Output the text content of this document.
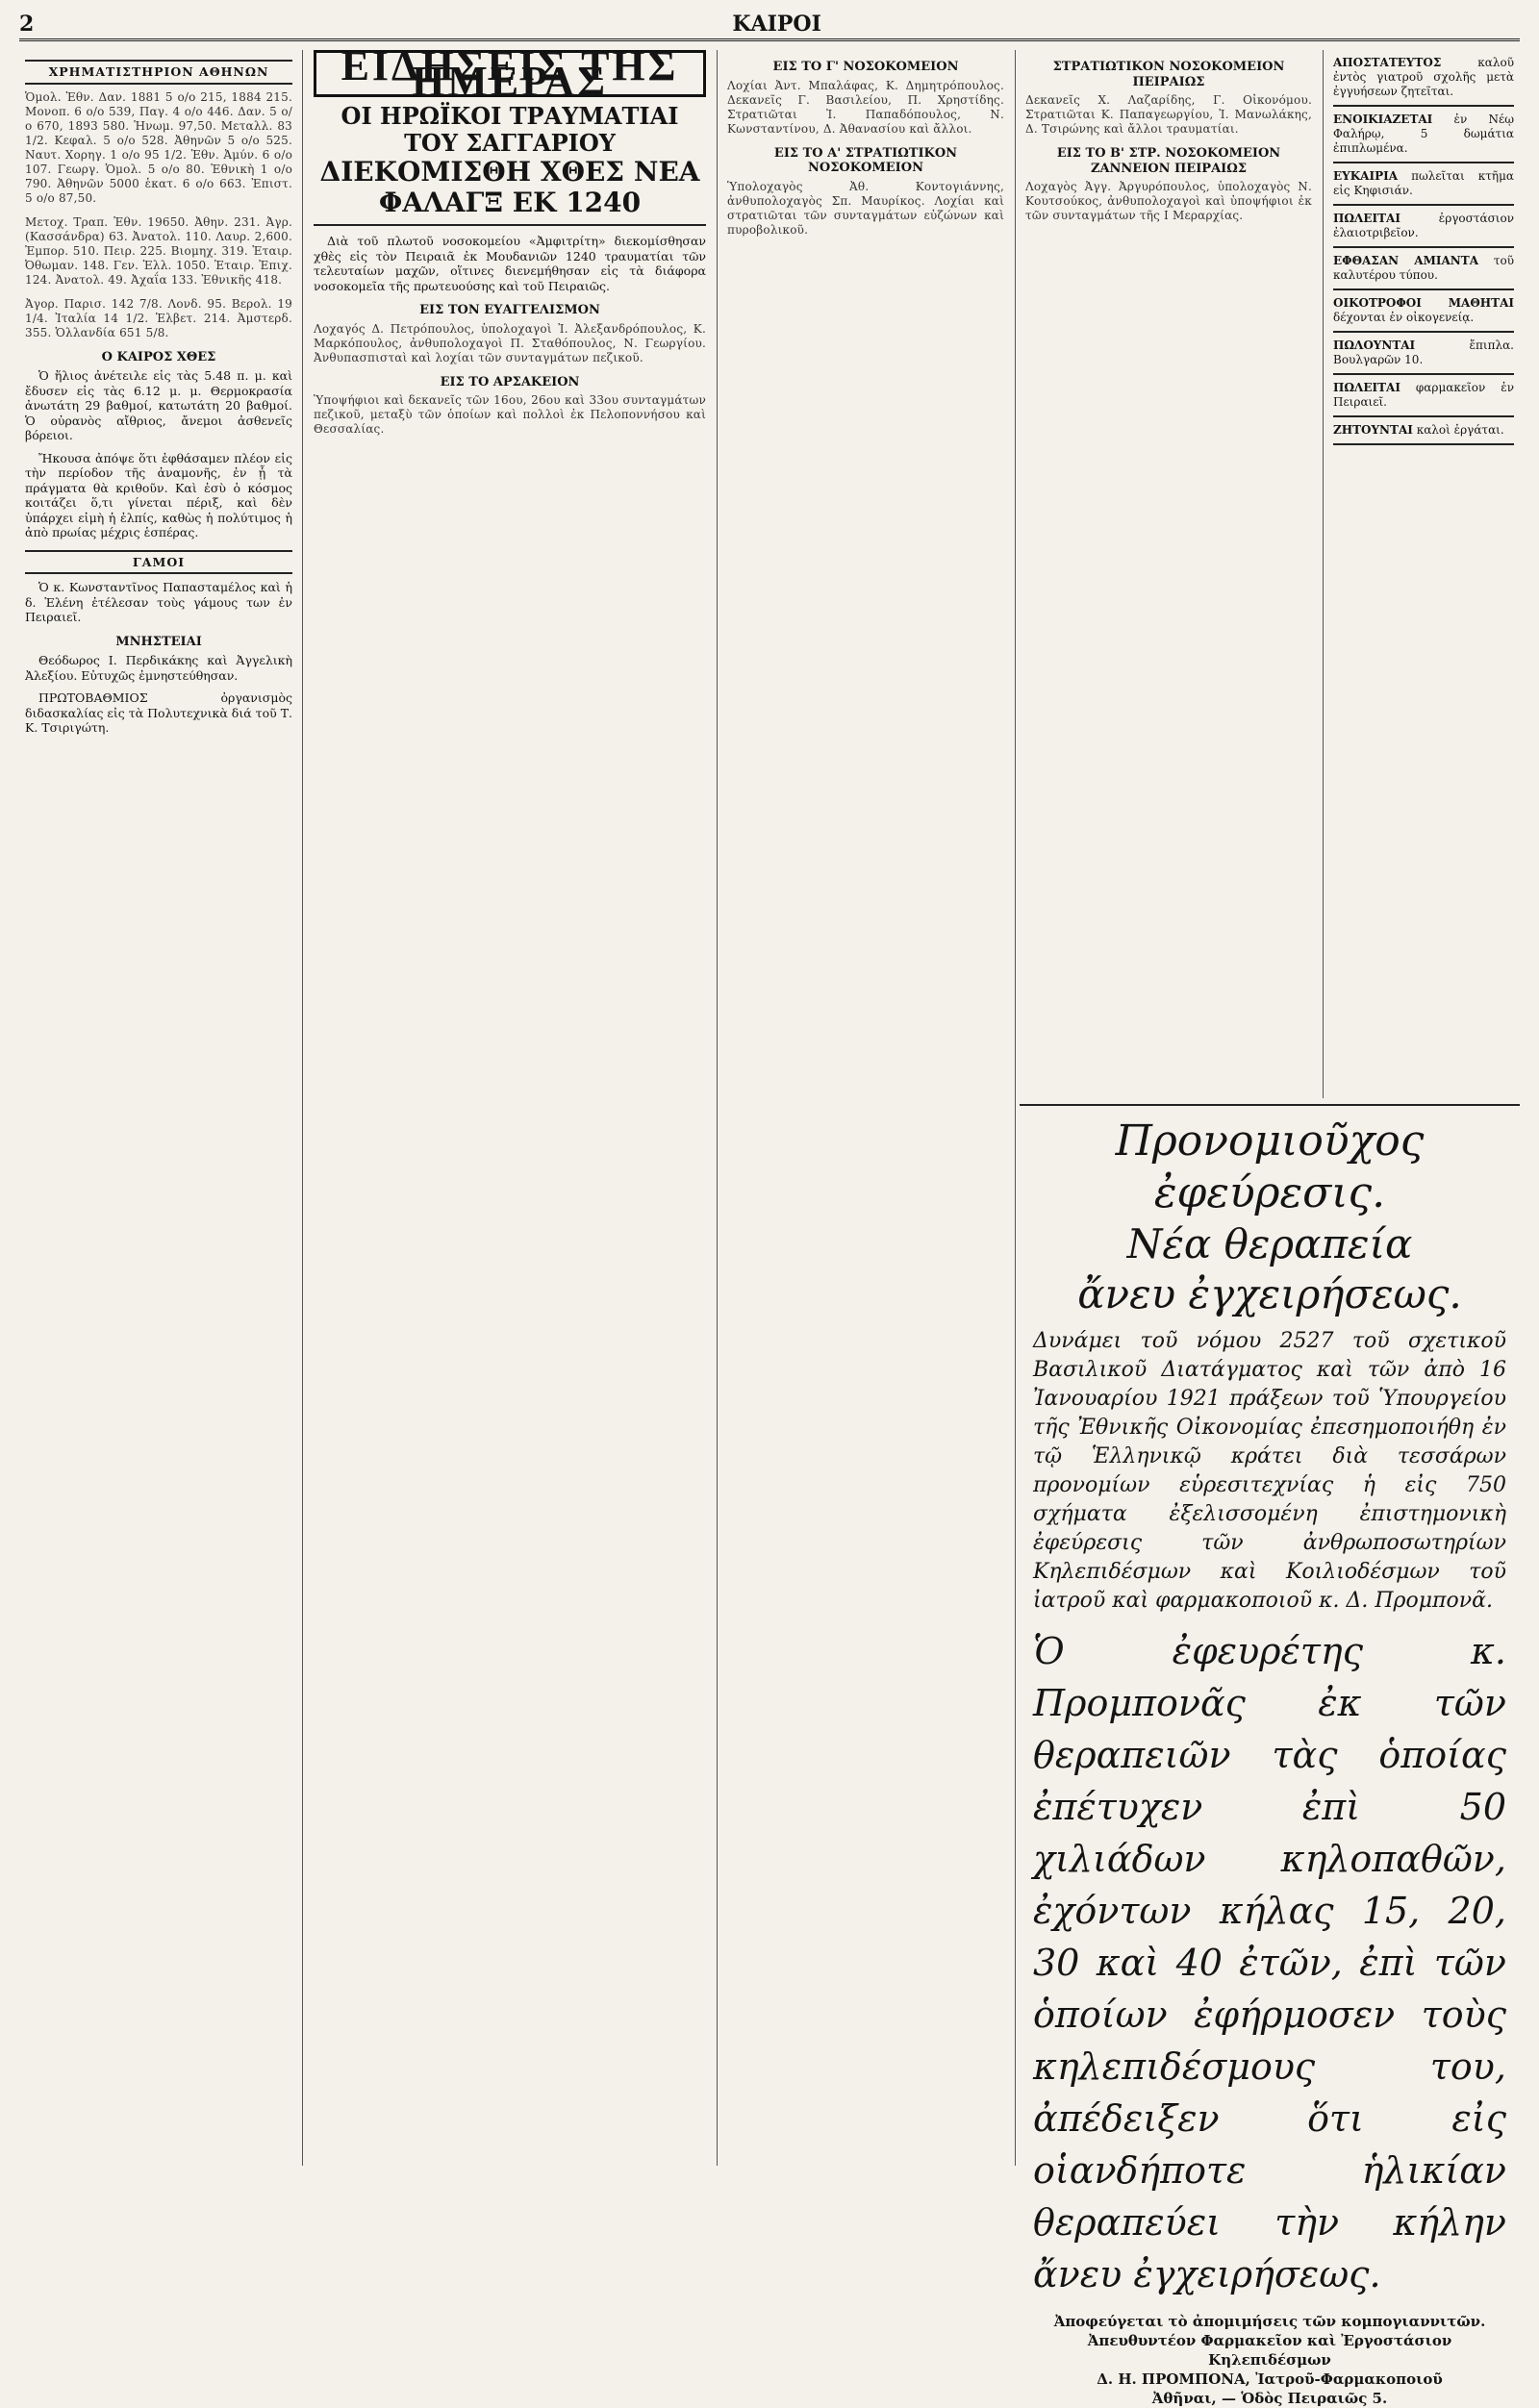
2	ΚΑΙΡΟΙ
ΧΡΗΜΑΤΙΣΤΗΡΙΟΝ ΑΘΗΝΩΝ

Ὁμολ. Ἐθν. Δαν. 1881 5 ο/ο 215, 1884 215. Μονοπ. 6 ο/ο 539, Παγ. 4 ο/ο 446. Δαν. 5 ο/ο 670, 1893 580. Ἡνωμ. 97,50. Μεταλλ. 83 1/2. Κεφαλ. 5 ο/ο 528. Ἀθηνῶν 5 ο/ο 525. Ναυτ. Χορηγ. 1 ο/ο 95 1/2. Ἐθν. Ἀμύν. 6 ο/ο 107. Γεωργ. Ὁμολ. 5 ο/ο 80. Ἐθνικὴ 1 ο/ο 790. Ἀθηνῶν 5000 ἑκατ. 6 ο/ο 663. Ἐπιστ. 5 ο/ο 87,50.

Μετοχ. Τραπ. Ἐθν. 19650. Ἀθην. 231. Ἀγρ. (Κασσάνδρα) 63. Ἀνατολ. 110. Λαυρ. 2,600. Ἐμπορ. 510. Πειρ. 225. Βιομηχ. 319. Ἑταιρ. Ὀθωμαν. 148. Γεν. Ἑλλ. 1050. Ἐταιρ. Ἐπιχ. 124. Ἀνατολ. 49. Ἀχαΐα 133. Ἐθνικῆς 418.

Ἀγορ. Παρισ. 142 7/8. Λονδ. 95. Βερολ. 19 1/4. Ἰταλία 14 1/2. Ἑλβετ. 214. Ἀμστερδ. 355. Ὁλλανδία 651 5/8.

Ο ΚΑΙΡΟΣ ΧΘΕΣ

Ὁ ἥλιος ἀνέτειλε εἰς τὰς 5.48 π. μ. καὶ ἔδυσεν εἰς τὰς 6.12 μ. μ. Θερμοκρασία ἀνωτάτη 29 βαθμοί, κατωτάτη 20 βαθμοί. Ὁ οὐρανὸς αἴθριος, ἄνεμοι ἀσθενεῖς βόρειοι.

Ἤκουσα ἀπόψε ὅτι ἐφθάσαμεν πλέον εἰς τὴν περίοδον τῆς ἀναμονῆς, ἐν ᾗ τὰ πράγματα θὰ κριθοῦν. Καὶ ἐσὺ ὁ κόσμος κοιτάζει ὅ,τι γίνεται πέριξ, καὶ δὲν ὑπάρχει εἰμὴ ἡ ἐλπίς, καθὼς ἡ πολύτιμος ἡ ἀπὸ πρωίας μέχρις ἑσπέρας.

ΓΑΜΟΙ

Ὁ κ. Κωνσταντῖνος Παπασταμέλος καὶ ἡ δ. Ἑλένη ἐτέλεσαν τοὺς γάμους των ἐν Πειραιεῖ.

ΜΝΗΣΤΕΙΑΙ

Θεόδωρος Ι. Περδικάκης καὶ Ἀγγελικὴ Ἀλεξίου. Εὐτυχῶς ἐμνηστεύθησαν.

ΠΡΩΤΟΒΑΘΜΙΟΣ ὀργανισμὸς διδασκαλίας εἰς τὰ Πολυτεχνικὰ διά τοῦ Τ. Κ. Τσιριγώτη.

ΕΙΔΗΣΕΙΣ ΤΗΣ ΗΜΕΡΑΣ
ΟΙ ΗΡΩΪΚΟΙ ΤΡΑΥΜΑΤΙΑΙ ΤΟΥ ΣΑΓΓΑΡΙΟΥ
ΔΙΕΚΟΜΙΣΘΗ ΧΘΕΣ ΝΕΑ ΦΑΛΑΓΞ ΕΚ 1240

Διὰ τοῦ πλωτοῦ νοσοκομείου «Ἀμφιτρίτη» διεκομίσθησαν χθὲς εἰς τὸν Πειραιᾶ ἐκ Μουδανιῶν 1240 τραυματίαι τῶν τελευταίων μαχῶν, οἵτινες διενεμήθησαν εἰς τὰ διάφορα νοσοκομεῖα τῆς πρωτευούσης καὶ τοῦ Πειραιῶς.

ΕΙΣ ΤΟΝ ΕΥΑΓΓΕΛΙΣΜΟΝ

Λοχαγός Δ. Πετρόπουλος, ὑπολοχαγοὶ Ἰ. Ἀλεξανδρόπουλος, Κ. Μαρκόπουλος, ἀνθυπολοχαγοὶ Π. Σταθόπουλος, Ν. Γεωργίου. Ἀνθυπασπισταὶ καὶ λοχίαι τῶν συνταγμάτων πεζικοῦ.

ΕΙΣ ΤΟ ΑΡΣΑΚΕΙΟΝ

Ὑποψήφιοι καὶ δεκανεῖς τῶν 16ου, 26ου καὶ 33ου συνταγμάτων πεζικοῦ, μεταξὺ τῶν ὁποίων καὶ πολλοὶ ἐκ Πελοποννήσου καὶ Θεσσαλίας.

ΕΙΣ ΤΟ Γ' ΝΟΣΟΚΟΜΕΙΟΝ

Λοχίαι Ἀντ. Μπαλάφας, Κ. Δημητρόπουλος. Δεκανεῖς Γ. Βασιλείου, Π. Χρηστίδης. Στρατιῶται Ἰ. Παπαδόπουλος, Ν. Κωνσταντίνου, Δ. Ἀθανασίου καὶ ἄλλοι.

ΕΙΣ ΤΟ Α' ΣΤΡΑΤΙΩΤΙΚΟΝ ΝΟΣΟΚΟΜΕΙΟΝ

Ὑπολοχαγὸς Ἀθ. Κοντογιάννης, ἀνθυπολοχαγὸς Σπ. Μαυρίκος. Λοχίαι καὶ στρατιῶται τῶν συνταγμάτων εὐζώνων καὶ πυροβολικοῦ.

ΣΤΡΑΤΙΩΤΙΚΟΝ ΝΟΣΟΚΟΜΕΙΟΝ ΠΕΙΡΑΙΩΣ

Δεκανεῖς Χ. Λαζαρίδης, Γ. Οἰκονόμου. Στρατιῶται Κ. Παπαγεωργίου, Ἰ. Μανωλάκης, Δ. Τσιρώνης καὶ ἄλλοι τραυματίαι.

ΕΙΣ ΤΟ Β' ΣΤΡ. ΝΟΣΟΚΟΜΕΙΟΝ ΖΑΝΝΕΙΟΝ ΠΕΙΡΑΙΩΣ

Λοχαγὸς Ἀγγ. Ἀργυρόπουλος, ὑπολοχαγὸς Ν. Κουτσούκος, ἀνθυπολοχαγοὶ καὶ ὑποψήφιοι ἐκ τῶν συνταγμάτων τῆς Ι Μεραρχίας.

ΑΠΟΣΤΑΤΕΥΤΟΣ	καλοῦ ἐντὸς γιατροῦ σχολῆς μετὰ ἐγγυήσεων ζητεῖται.

ΕΝΟΙΚΙΑΖΕΤΑΙ ἐν Νέῳ Φαλήρῳ, 5 δωμάτια ἐπιπλωμένα.

ΕΥΚΑΙΡΙΑ πωλεῖται κτῆμα εἰς Κηφισιάν.

ΠΩΛΕΙΤΑΙ	ἐργοστάσιον ἐλαιοτριβεῖον.

ΕΦΘΑΣΑΝ ΑΜΙΑΝΤΑ τοῦ καλυτέρου τύπου.

ΟΙΚΟΤΡΟΦΟΙ ΜΑΘΗΤΑΙ δέχονται ἐν οἰκογενείᾳ.

ΠΩΛΟΥΝΤΑΙ	ἔπιπλα. Βουλγαρῶν 10.

ΠΩΛΕΙΤΑΙ φαρμακεῖον ἐν Πειραιεῖ.

ΖΗΤΟΥΝΤΑΙ καλοὶ ἐργάται.

Προνομιοῦχος ἐφεύρεσις.
Νέα θεραπεία
ἄνευ ἐγχειρήσεως.
Δυνάμει τοῦ νόμου 2527 τοῦ σχετικοῦ Βασιλικοῦ Διατάγματος καὶ τῶν ἀπὸ 16 Ἰανουαρίου 1921 πράξεων τοῦ Ὑπουργείου τῆς Ἐθνικῆς Οἰκονομίας ἐπεσημοποιήθη ἐν τῷ Ἑλληνικῷ κράτει διὰ τεσσάρων προνομίων εὑρεσιτεχνίας ἡ εἰς 750 σχήματα ἐξελισσομένη ἐπιστημονικὴ ἐφεύρεσις τῶν ἀνθρωποσωτηρίων Κηλεπιδέσμων καὶ Κοιλιοδέσμων τοῦ ἰατροῦ καὶ φαρμακοποιοῦ κ. Δ. Προμπονᾶ.
Ὁ ἐφευρέτης κ. Προμπονᾶς ἐκ τῶν θεραπειῶν τὰς ὁποίας ἐπέτυχεν ἐπὶ 50 χιλιάδων κηλοπαθῶν, ἐχόντων κήλας 15, 20, 30 καὶ 40 ἐτῶν, ἐπὶ τῶν ὁποίων ἐφήρμοσεν τοὺς κηλεπιδέσμους του, ἀπέδειξεν ὅτι εἰς οἱανδήποτε ἡλικίαν θεραπεύει τὴν κήλην ἄνευ ἐγχειρήσεως.
Ἀποφεύγεται τὸ ἀπομιμήσεις τῶν κομπογιαννιτῶν.
Ἀπευθυντέον Φαρμακεῖον καὶ Ἐργοστάσιον Κηλεπιδέσμων
Δ. Η. ΠΡΟΜΠΟΝΑ, Ἰατροῦ-Φαρμακοποιοῦ
Ἀθῆναι, — Ὁδὸς Πειραιῶς 5.
